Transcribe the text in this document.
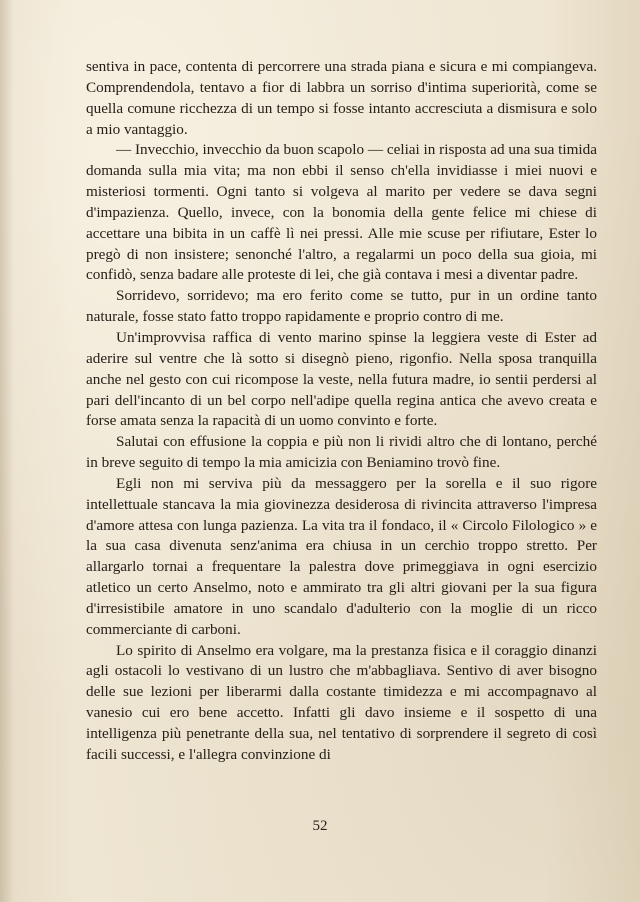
sentiva in pace, contenta di percorrere una strada piana e sicura e mi compiangeva. Comprendendola, tentavo a fior di labbra un sorriso d'intima superiorità, come se quella comune ricchezza di un tempo si fosse intanto accresciuta a dismisura e solo a mio vantaggio.

— Invecchio, invecchio da buon scapolo — celiai in risposta ad una sua timida domanda sulla mia vita; ma non ebbi il senso ch'ella invidiasse i miei nuovi e misteriosi tormenti. Ogni tanto si volgeva al marito per vedere se dava segni d'impazienza. Quello, invece, con la bonomia della gente felice mi chiese di accettare una bibita in un caffè lì nei pressi. Alle mie scuse per rifiutare, Ester lo pregò di non insistere; senonché l'altro, a regalarmi un poco della sua gioia, mi confidò, senza badare alle proteste di lei, che già contava i mesi a diventar padre.

Sorridevo, sorridevo; ma ero ferito come se tutto, pur in un ordine tanto naturale, fosse stato fatto troppo rapidamente e proprio contro di me.

Un'improvvisa raffica di vento marino spinse la leggiera veste di Ester ad aderire sul ventre che là sotto si disegnò pieno, rigonfio. Nella sposa tranquilla anche nel gesto con cui ricompose la veste, nella futura madre, io sentii perdersi al pari dell'incanto di un bel corpo nell'adipe quella regina antica che avevo creata e forse amata senza la rapacità di un uomo convinto e forte.

Salutai con effusione la coppia e più non li rividi altro che di lontano, perché in breve seguito di tempo la mia amicizia con Beniamino trovò fine.

Egli non mi serviva più da messaggero per la sorella e il suo rigore intellettuale stancava la mia giovinezza desiderosa di rivincita attraverso l'impresa d'amore attesa con lunga pazienza. La vita tra il fondaco, il « Circolo Filologico » e la sua casa divenuta senz'anima era chiusa in un cerchio troppo stretto. Per allargarlo tornai a frequentare la palestra dove primeggiava in ogni esercizio atletico un certo Anselmo, noto e ammirato tra gli altri giovani per la sua figura d'irresistibile amatore in uno scandalo d'adulterio con la moglie di un ricco commerciante di carboni.

Lo spirito di Anselmo era volgare, ma la prestanza fisica e il coraggio dinanzi agli ostacoli lo vestivano di un lustro che m'abbagliava. Sentivo di aver bisogno delle sue lezioni per liberarmi dalla costante timidezza e mi accompagnavo al vanesio cui ero bene accetto. Infatti gli davo insieme e il sospetto di una intelligenza più penetrante della sua, nel tentativo di sorprendere il segreto di così facili successi, e l'allegra convinzione di

52
